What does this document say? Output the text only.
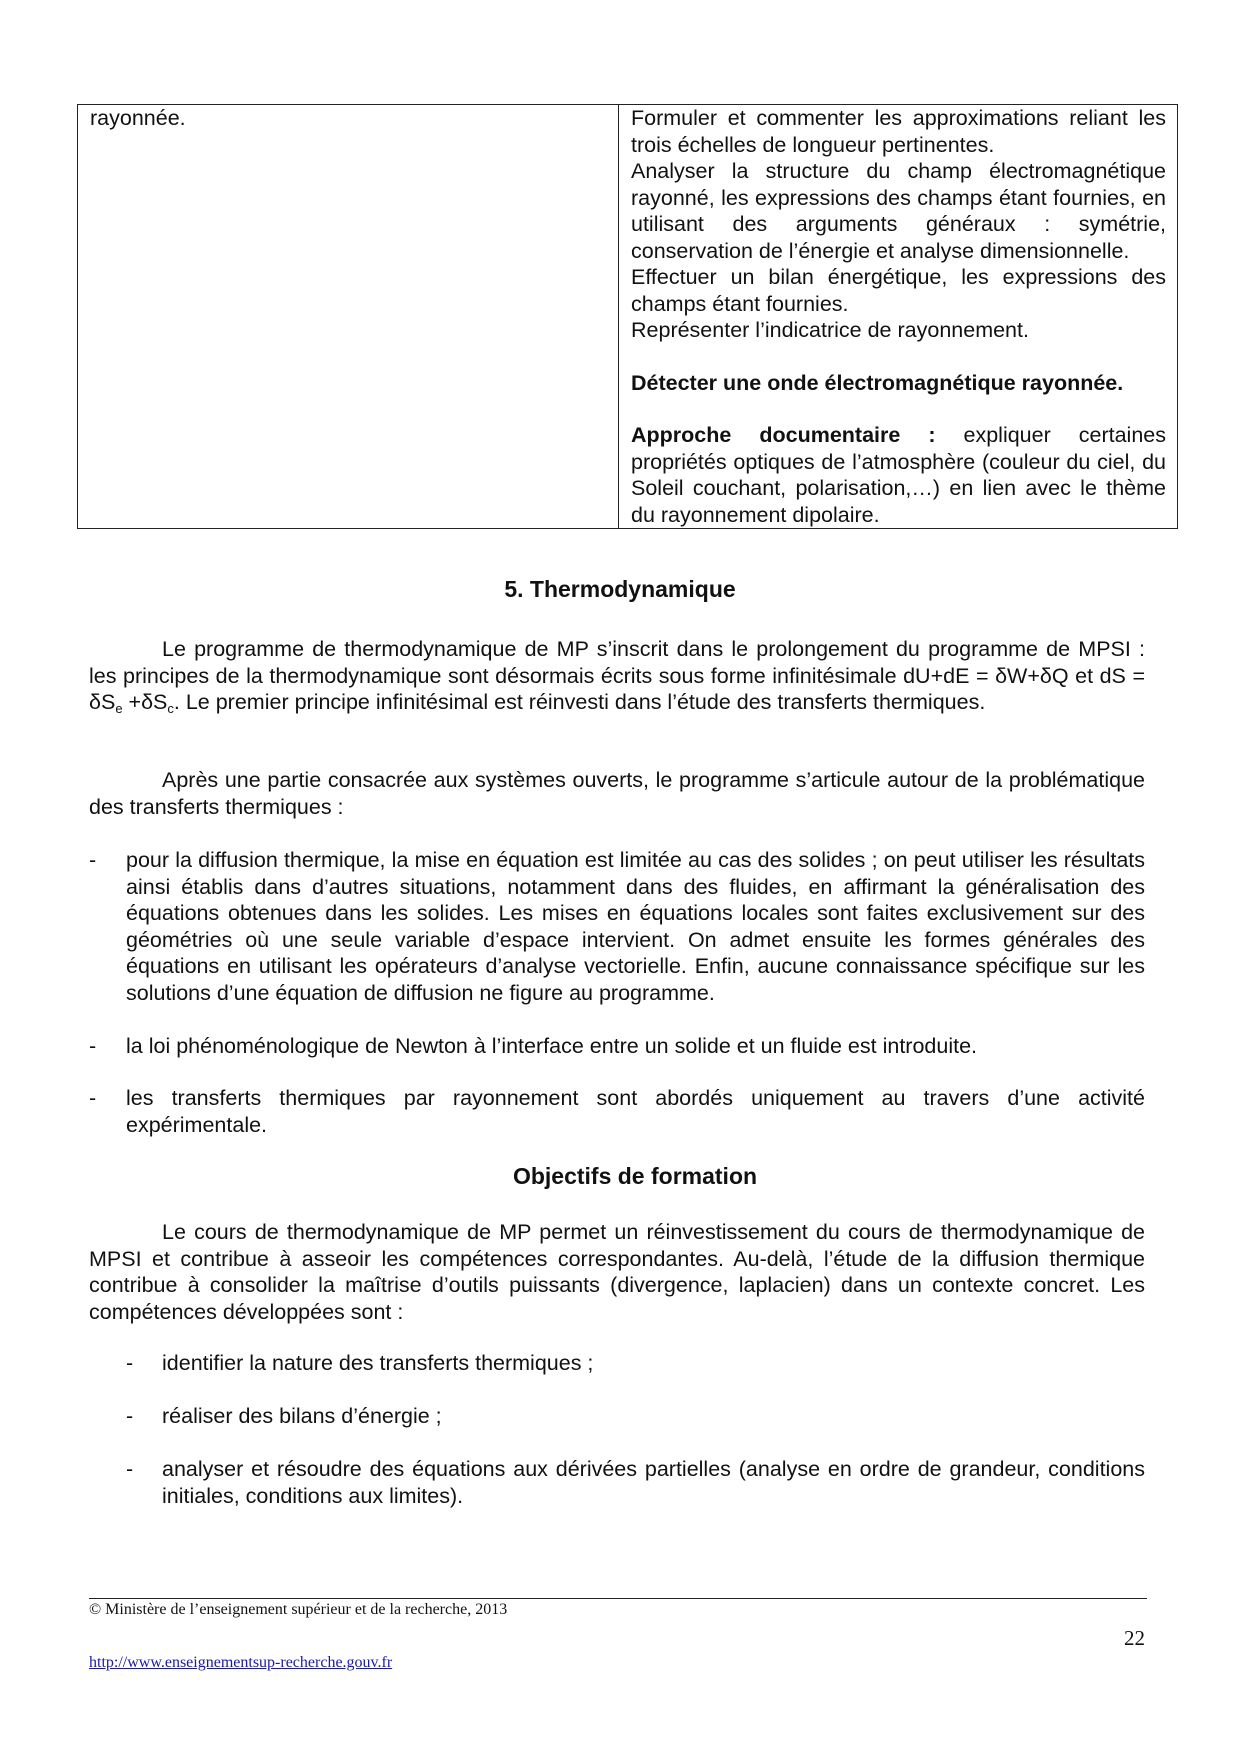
rayonnée.	Formuler et commenter les approximations reliant les trois échelles de longueur pertinentes.

Analyser la structure du champ électromagnétique rayonné, les expressions des champs étant fournies, en utilisant des arguments généraux : symétrie, conservation de l’énergie et analyse dimensionnelle.

Effectuer un bilan énergétique, les expressions des champs étant fournies.

Représenter l’indicatrice de rayonnement.

Détecter une onde électromagnétique rayonnée.

Approche documentaire : expliquer certaines propriétés optiques de l’atmosphère (couleur du ciel, du Soleil couchant, polarisation,…) en lien avec le thème du rayonnement dipolaire.

5. Thermodynamique

Le programme de thermodynamique de MP s’inscrit dans le prolongement du programme de MPSI : les principes de la thermodynamique sont désormais écrits sous forme infinitésimale dU+dE = δW+δQ et dS = $\delta S_e +\delta S_c$. Le premier principe infinitésimal est réinvesti dans l’étude des transferts thermiques.

Après une partie consacrée aux systèmes ouverts, le programme s’articule autour de la problématique des transferts thermiques :

- pour la diffusion thermique, la mise en équation est limitée au cas des solides ; on peut utiliser les résultats ainsi établis dans d’autres situations, notamment dans des fluides, en affirmant la généralisation des équations obtenues dans les solides. Les mises en équations locales sont faites exclusivement sur des géométries où une seule variable d’espace intervient. On admet ensuite les formes générales des équations en utilisant les opérateurs d’analyse vectorielle. Enfin, aucune connaissance spécifique sur les solutions d’une équation de diffusion ne figure au programme.
- la loi phénoménologique de Newton à l’interface entre un solide et un fluide est introduite.
- les transferts thermiques par rayonnement sont abordés uniquement au travers d’une activité expérimentale.
Objectifs de formation

Le cours de thermodynamique de MP permet un réinvestissement du cours de thermodynamique de MPSI et contribue à asseoir les compétences correspondantes. Au-delà, l’étude de la diffusion thermique contribue à consolider la maîtrise d’outils puissants (divergence, laplacien) dans un contexte concret. Les compétences développées sont :

- identifier la nature des transferts thermiques ;
- réaliser des bilans d’énergie ;
- analyser et résoudre des équations aux dérivées partielles (analyse en ordre de grandeur, conditions initiales, conditions aux limites).

© Ministère de l’enseignement supérieur et de la recherche, 2013

22

http://www.enseignementsup-recherche.gouv.fr
